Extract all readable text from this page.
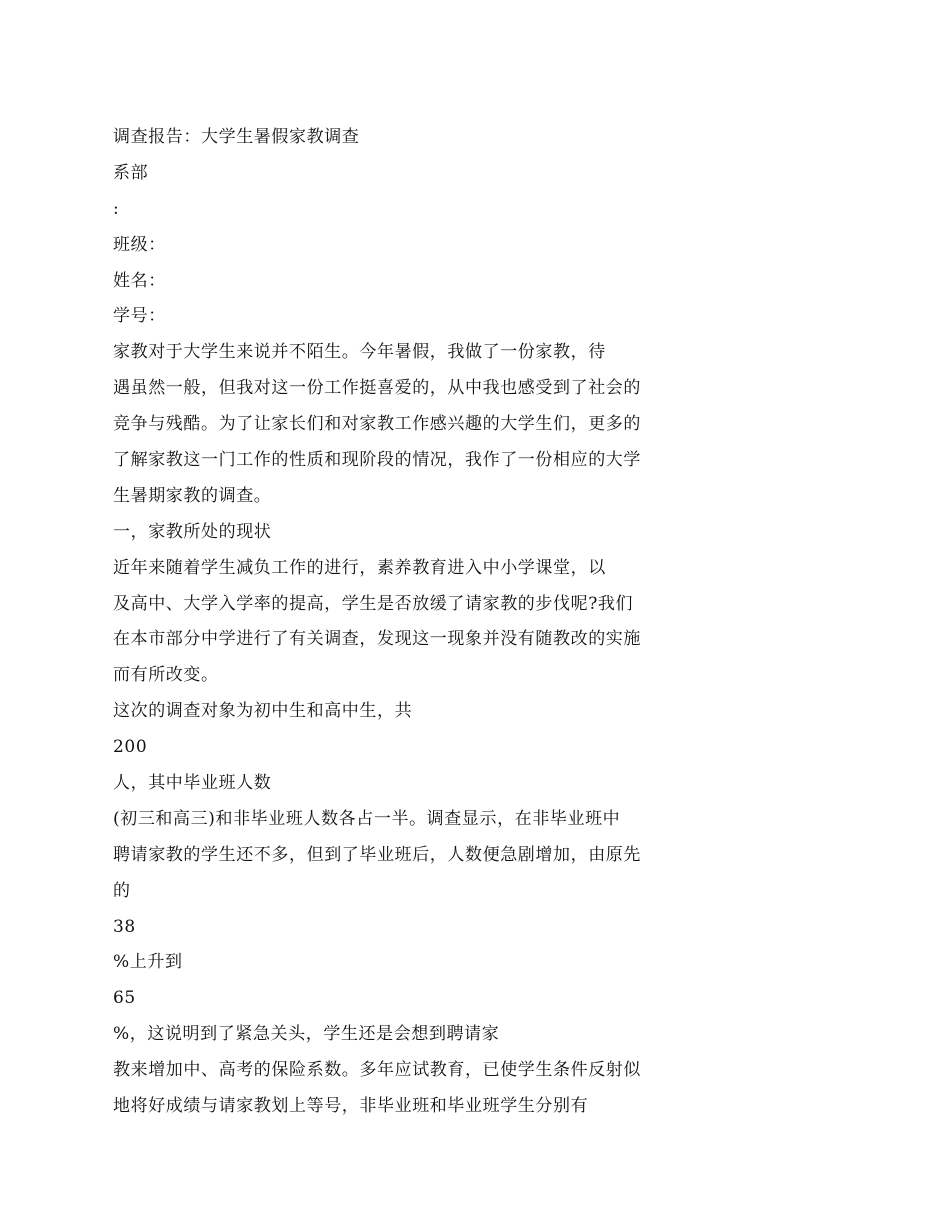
调查报告：大学生暑假家教调查
系部
:
班级：
姓名：
学号：
家教对于大学生来说并不陌生。今年暑假，我做了一份家教，待
遇虽然一般，但我对这一份工作挺喜爱的，从中我也感受到了社会的
竞争与残酷。为了让家长们和对家教工作感兴趣的大学生们，更多的
了解家教这一门工作的性质和现阶段的情况，我作了一份相应的大学
生暑期家教的调查。
一，家教所处的现状
近年来随着学生减负工作的进行，素养教育进入中小学课堂，以
及高中、大学入学率的提高，学生是否放缓了请家教的步伐呢?我们
在本市部分中学进行了有关调查，发现这一现象并没有随教改的实施
而有所改变。
这次的调查对象为初中生和高中生，共
200
人，其中毕业班人数
(初三和高三)和非毕业班人数各占一半。调查显示，在非毕业班中
聘请家教的学生还不多，但到了毕业班后，人数便急剧增加，由原先
的
38
%上升到
65
%，这说明到了紧急关头，学生还是会想到聘请家
教来增加中、高考的保险系数。多年应试教育，已使学生条件反射似
地将好成绩与请家教划上等号，非毕业班和毕业班学生分别有
